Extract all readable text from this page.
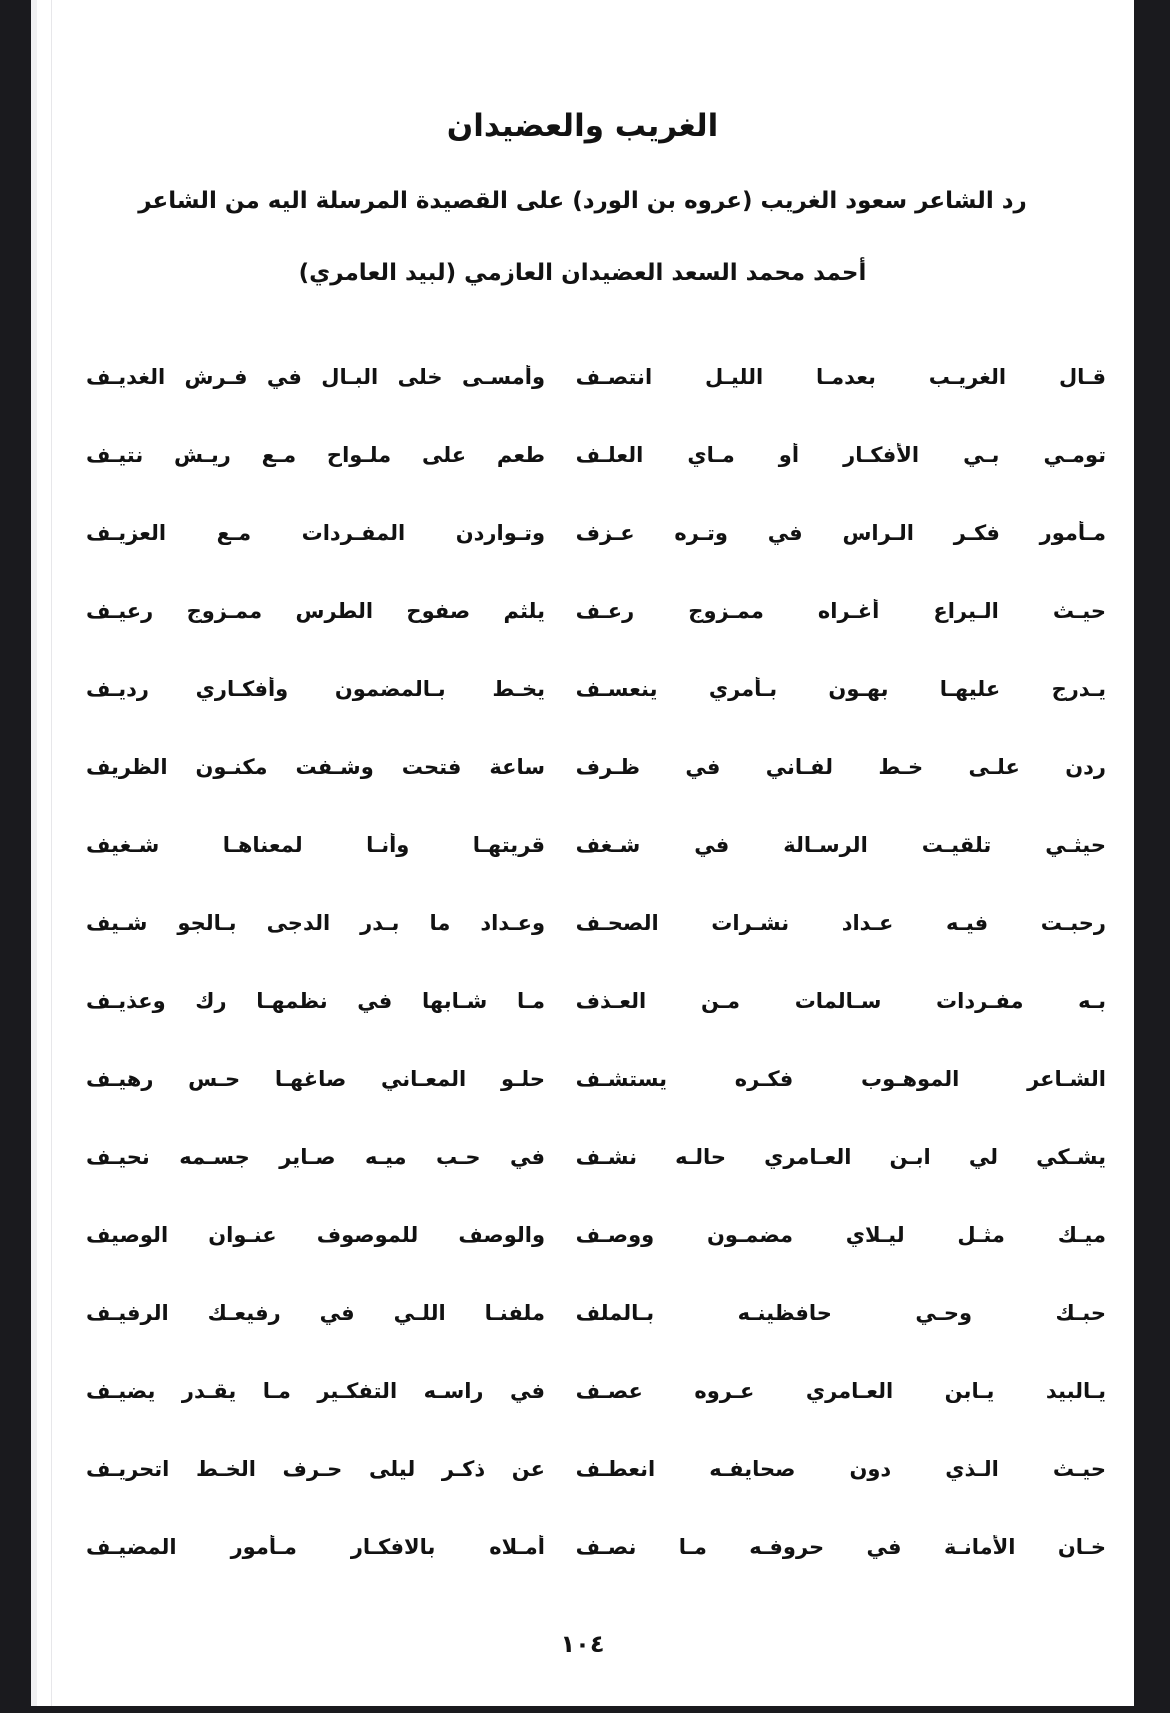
الغريب والعضيدان
رد الشاعر سعود الغريب (عروه بن الورد) على القصيدة المرسلة اليه من الشاعر
أحمد محمد السعد العضيدان العازمي (لبيد العامري)
قـال الغريـب بعدمـا الليـل انتصـف
وأمسـى خلى البـال في فـرش الغديـف
تومـي بـي الأفكـار أو مـاي العلـف
طعم على ملـواح مـع ريـش نتيـف
مـأمور فكـر الـراس في وتـره عـزف
وتـواردن المفـردات مـع العزيـف
حيـث الـيراع أغـراه ممـزوج رعـف
يلثم صفوح الطرس ممـزوج رعيـف
يـدرج عليهـا بهـون بـأمري ينعسـف
يخـط بـالمضمون وأفكـاري رديـف
ردن علـى خـط لفـاني في ظـرف
ساعة فتحت وشـفت مكنـون الظريف
حيثـي تلقيـت الرسـالة في شـغف
قريتهـا وأنـا لمعناهـا شـغيف
رحبـت فيـه عـداد نشـرات الصحـف
وعـداد ما بـدر الدجى بـالجو شـيف
بـه مفـردات سـالمات مـن العـذف
مـا شـابها في نظمهـا رك وعذيـف
الشـاعر الموهـوب فكـره يستشـف
حلـو المعـاني صاغهـا حـس رهيـف
يشـكي لي ابـن العـامري حالـه نشـف
في حـب ميـه صـاير جسـمه نحيـف
ميـك مثـل ليـلاي مضمـون ووصـف
والوصف للموصوف عنـوان الوصيف
حبـك وحـي حافظينـه بـالملف
ملفنـا اللـي في رفيعـك الرفيـف
يـالبيد يـابن العـامري عـروه عصـف
في راسـه التفكـير مـا يقـدر يضيـف
حيـث الـذي دون صحايفـه انعطـف
عن ذكـر ليلى حـرف الخـط اتحريـف
خـان الأمانـة في حروفـه مـا نصـف
أمـلاه بالافكـار مـأمور المضيـف
١٠٤
